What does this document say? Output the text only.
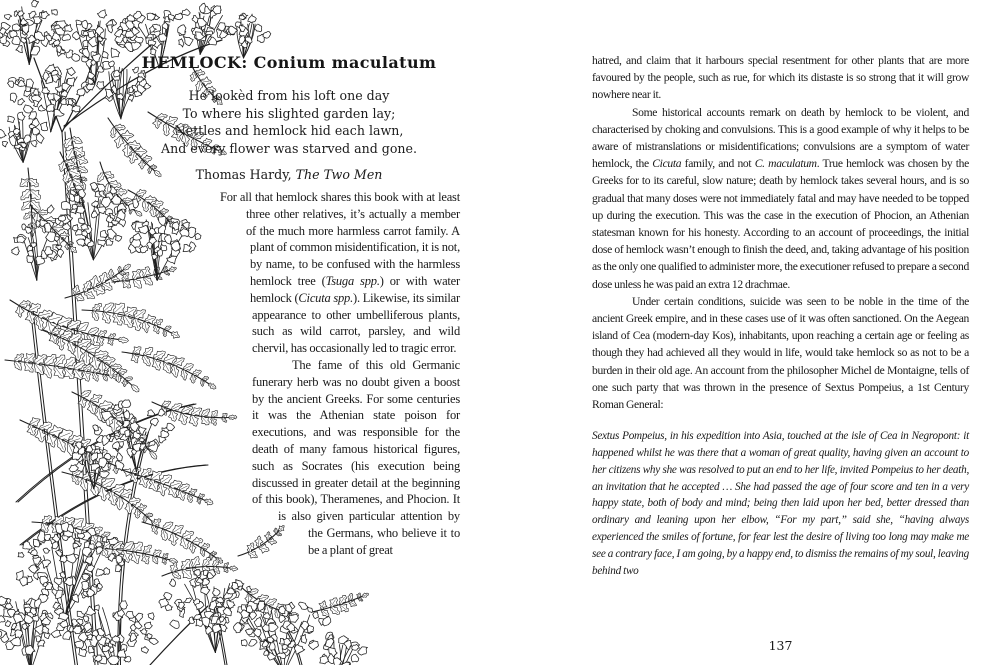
HEMLOCK: Conium maculatum
He lookèd from his loft one day
To where his slighted garden lay;
Nettles and hemlock hid each lawn,
And every flower was starved and gone.
Thomas Hardy, The Two Men

For all that hemlock shares this book with at least three other relatives, it’s actually a member of the much more harmless carrot family. A plant of common misidentification, it is not, by name, to be confused with the harmless hemlock tree (Tsuga spp.) or with water hemlock (Cicuta spp.). Likewise, its similar appearance to other umbelliferous plants, such as wild carrot, parsley, and wild chervil, has occasionally led to tragic error.

The fame of this old Germanic funerary herb was no doubt given a boost by the ancient Greeks. For some centuries it was the Athenian state poison for executions, and was responsible for the death of many famous historical figures, such as Socrates (his execution being discussed in greater detail at the beginning of this book), Theramenes, and Phocion. It is also given particular attention by the Germans, who believe it to be a plant of great

hatred, and claim that it harbours special resentment for other plants that are more favoured by the people, such as rue, for which its distaste is so strong that it will grow nowhere near it.

Some historical accounts remark on death by hemlock to be violent, and characterised by choking and convulsions. This is a good example of why it helps to be aware of mistranslations or misidentifications; convulsions are a symptom of water hemlock, the Cicuta family, and not C. maculatum. True hemlock was chosen by the Greeks for to its careful, slow nature; death by hemlock takes several hours, and is so gradual that many doses were not immediately fatal and may have needed to be topped up during the execution. This was the case in the execution of Phocion, an Athenian statesman known for his honesty. According to an account of proceedings, the initial dose of hemlock wasn’t enough to finish the deed, and, taking advantage of his position as the only one qualified to administer more, the executioner refused to prepare a second dose unless he was paid an extra 12 drachmae.

Under certain conditions, suicide was seen to be noble in the time of the ancient Greek empire, and in these cases use of it was often sanctioned. On the Aegean island of Cea (modern-day Kos), inhabitants, upon reaching a certain age or feeling as though they had achieved all they would in life, would take hemlock so as not to be a burden in their old age. An account from the philosopher Michel de Montaigne, tells of one such party that was thrown in the presence of Sextus Pompeius, a 1st Century Roman General:

Sextus Pompeius, in his expedition into Asia, touched at the isle of Cea in Negropont: it happened whilst he was there that a woman of great quality, having given an account to her citizens why she was resolved to put an end to her life, invited Pompeius to her death, an invitation that he accepted … She had passed the age of four score and ten in a very happy state, both of body and mind; being then laid upon her bed, better dressed than ordinary and leaning upon her elbow, “For my part,” said she, “having always experienced the smiles of fortune, for fear lest the desire of living too long may make me see a contrary face, I am going, by a happy end, to dismiss the remains of my soul, leaving behind two
137
